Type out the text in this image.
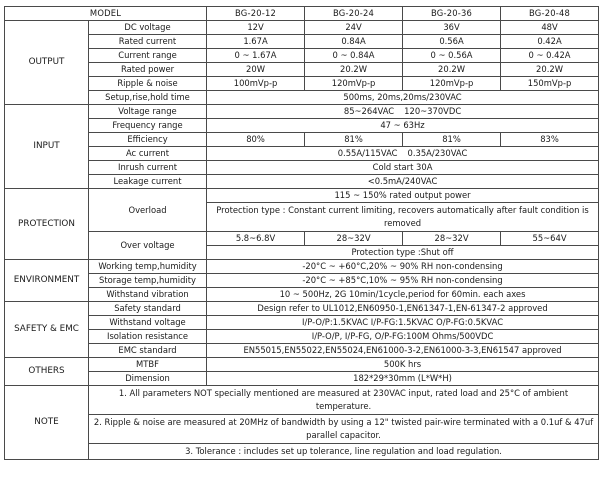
MODEL		BG-20-12	BG-20-24	BG-20-36	BG-20-48
OUTPUT	DC voltage	12V	24V	36V	48V
	Rated current	1.67A	0.84A	0.56A	0.42A
	Current range	0 ~ 1.67A	0 ~ 0.84A	0 ~ 0.56A	0 ~ 0.42A
	Rated power	20W	20.2W	20.2W	20.2W
	Ripple & noise	100mVp-p	120mVp-p	120mVp-p	150mVp-p
	Setup,rise,hold time	500ms, 20ms,20ms/230VAC			
INPUT	Voltage range	85~264VAC 120~370VDC			

	Frequency range	47 ~ 63Hz			
	Efficiency	80%	81%	81%	83%
	Ac current	0.55A/115VAC 0.35A/230VAC			

	Inrush current	Cold start 30A			
	Leakage current	<0.5mA/240VAC			
PROTECTION	Overload	115 ~ 150% rated output power			
		Protection type : Constant current limiting, recovers automatically after fault condition is removed			
	Over voltage	5.8~6.8V	28~32V	28~32V	55~64V
		Protection type :Shut off			
ENVIRONMENT	Working temp,humidity	-20°C ~ +60°C,20% ~ 90% RH non-condensing			
	Storage temp,humidity	-20°C ~ +85°C,10% ~ 95% RH non-condensing			
	Withstand vibration	10 ~ 500Hz, 2G 10min/1cycle,period for 60min. each axes			
SAFETY & EMC	Safety standard	Design refer to UL1012,EN60950-1,EN61347-1,EN-61347-2 approved			
	Withstand voltage	I/P-O/P:1.5KVAC I/P-FG:1.5KVAC O/P-FG:0.5KVAC			
	Isolation resistance	I/P-O/P, I/P-FG, O/P-FG:100M Ohms/500VDC			
	EMC standard	EN55015,EN55022,EN55024,EN61000-3-2,EN61000-3-3,EN61547 approved			
OTHERS	MTBF	500K hrs			
	Dimension	182*29*30mm (L*W*H)			
NOTE	1. All parameters NOT specially mentioned are measured at 230VAC input, rated load and 25°C of ambient temperature.				
	2. Ripple & noise are measured at 20MHz of bandwidth by using a 12" twisted pair-wire terminated with a 0.1uf & 47uf parallel capacitor.				
	3. Tolerance : includes set up tolerance, line regulation and load regulation.				
